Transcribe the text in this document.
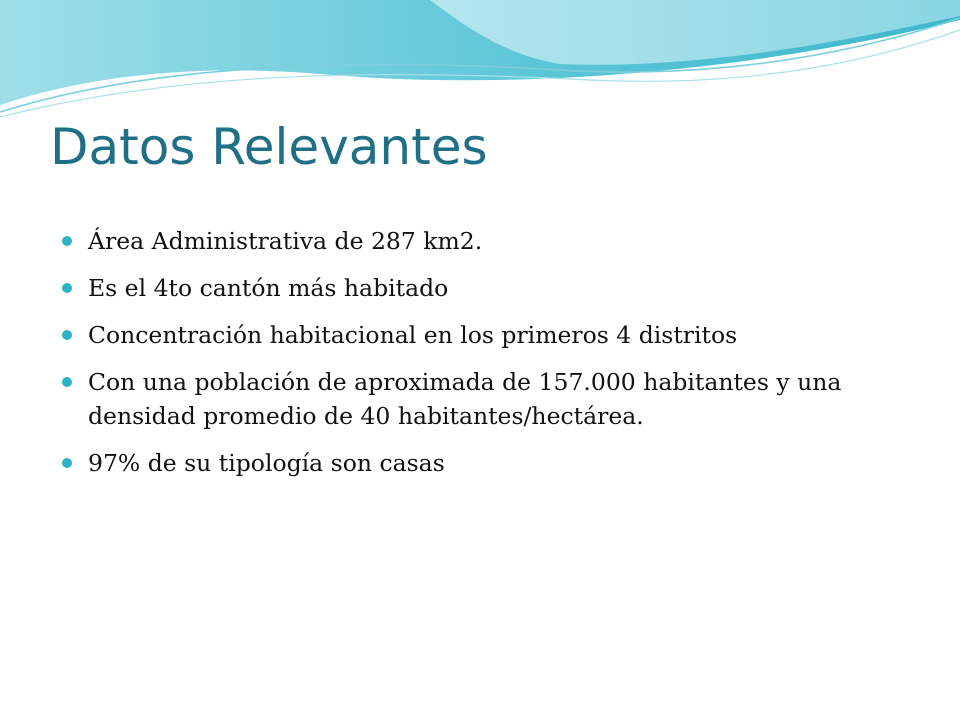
Datos Relevantes
Área Administrativa de 287 km2.
Es el 4to cantón más habitado
Concentración habitacional en los primeros 4 distritos
Con una población de aproximada de 157.000 habitantes y una densidad promedio de 40 habitantes/hectárea.
97% de su tipología son casas
